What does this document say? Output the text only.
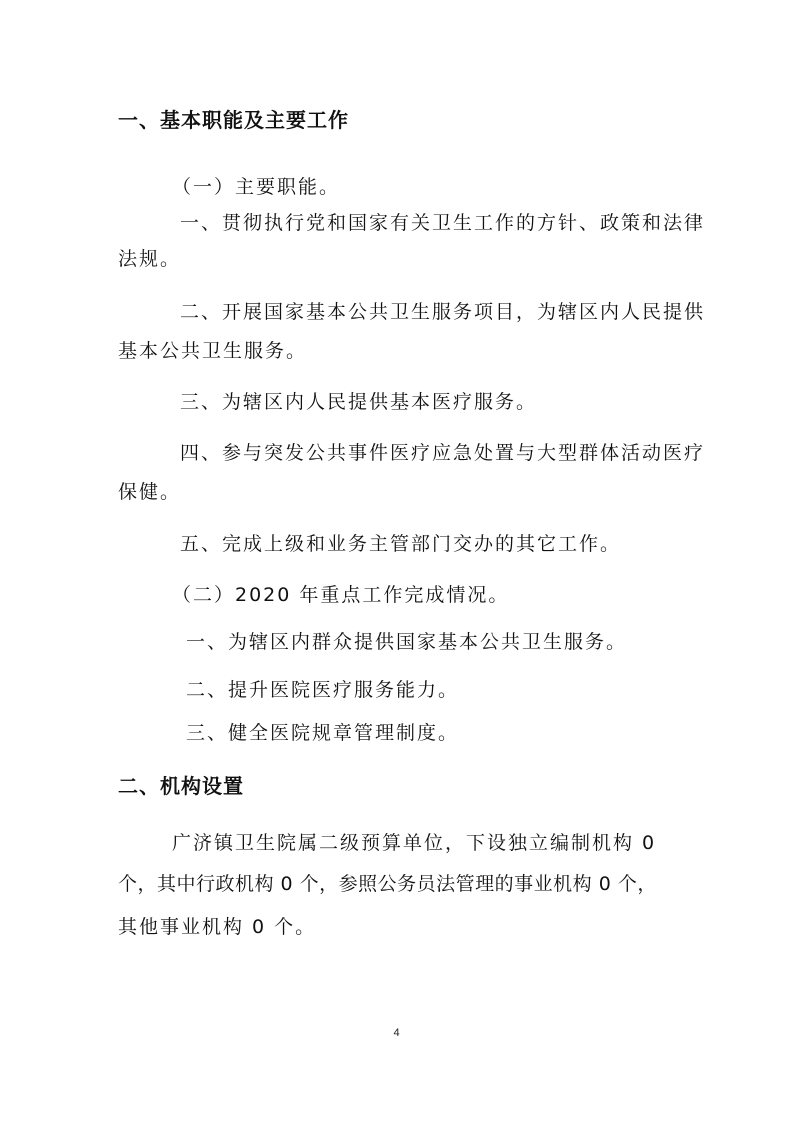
一、基本职能及主要工作

（一）主要职能。

一、贯彻执行党和国家有关卫生工作的方针、政策和法律

法规。

二、开展国家基本公共卫生服务项目，为辖区内人民提供

基本公共卫生服务。

三、为辖区内人民提供基本医疗服务。

四、参与突发公共事件医疗应急处置与大型群体活动医疗

保健。

五、完成上级和业务主管部门交办的其它工作。

（二）2020 年重点工作完成情况。

一、为辖区内群众提供国家基本公共卫生服务。

二、提升医院医疗服务能力。

三、健全医院规章管理制度。

二、机构设置

广济镇卫生院属二级预算单位，下设独立编制机构 0

个，其中行政机构 0 个，参照公务员法管理的事业机构 0 个，

其他事业机构 0 个。

4
